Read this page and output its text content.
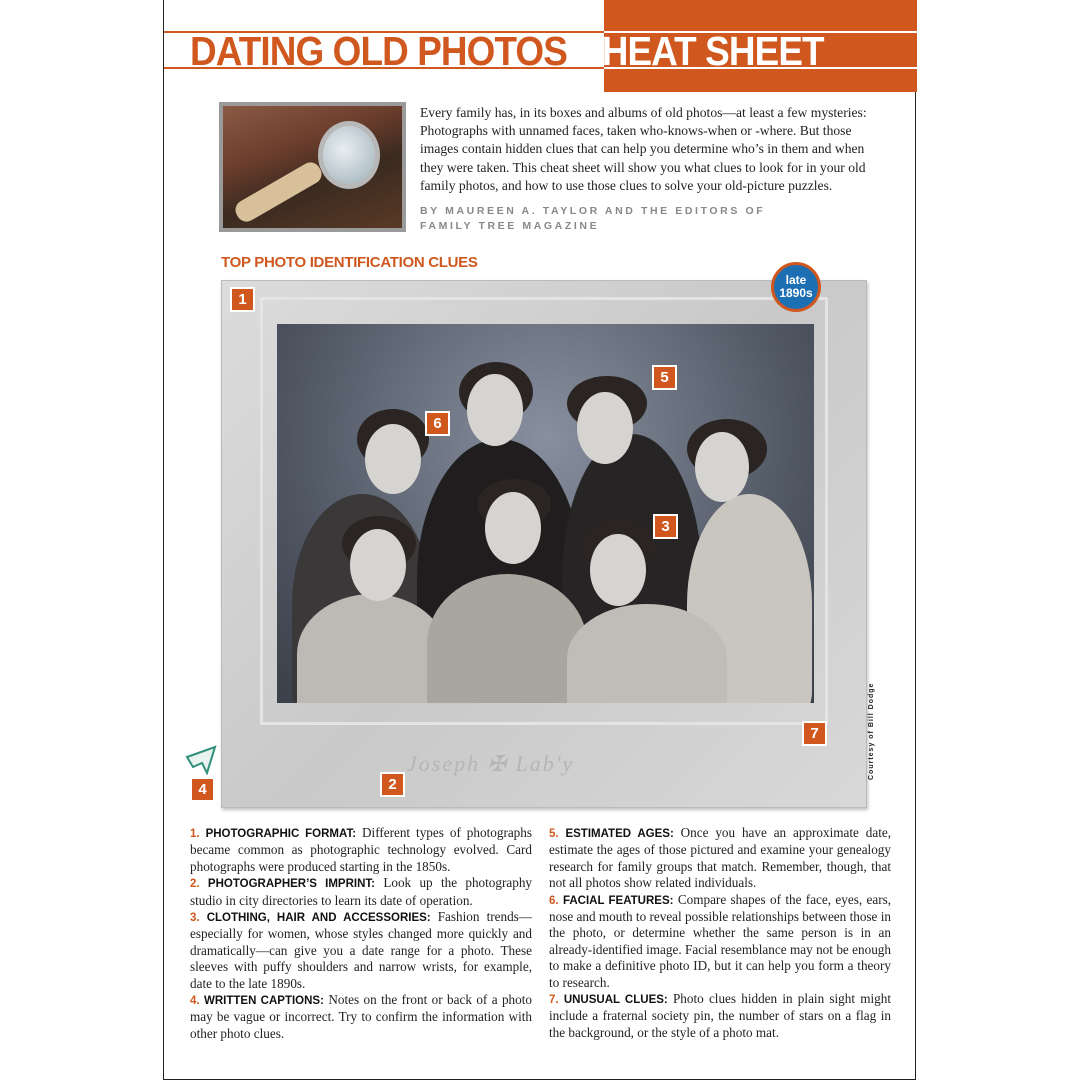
DATING OLD PHOTOS CHEAT SHEET
Every family has, in its boxes and albums of old photos—at least a few mysteries: Photographs with unnamed faces, taken who-knows-when or -where. But those images contain hidden clues that can help you determine who’s in them and when they were taken. This cheat sheet will show you what clues to look for in your old family photos, and how to use those clues to solve your old-picture puzzles.
BY MAUREEN A. TAYLOR AND THE EDITORS OF
FAMILY TREE MAGAZINE
TOP PHOTO IDENTIFICATION CLUES
Joseph ✠ Lab'y
1
2
3
4
5
6
7
late
1890s

1. PHOTOGRAPHIC FORMAT: Different types of photographs became common as photographic technology evolved. Card photographs were produced starting in the 1850s.

2. PHOTOGRAPHER’S IMPRINT: Look up the photography studio in city directories to learn its date of operation.

3. CLOTHING, HAIR AND ACCESSORIES: Fashion trends—especially for women, whose styles changed more quickly and dramatically—can give you a date range for a photo. These sleeves with puffy shoulders and narrow wrists, for example, date to the late 1890s.

4. WRITTEN CAPTIONS: Notes on the front or back of a photo may be vague or incorrect. Try to confirm the information with other photo clues.

5. ESTIMATED AGES: Once you have an approximate date, estimate the ages of those pictured and examine your genealogy research for family groups that match. Remember, though, that not all photos show related individuals.

6. FACIAL FEATURES: Compare shapes of the face, eyes, ears, nose and mouth to reveal possible relationships between those in the photo, or determine whether the same person is in an already-identified image. Facial resemblance may not be enough to make a definitive photo ID, but it can help you form a theory to research.

7. UNUSUAL CLUES: Photo clues hidden in plain sight might include a fraternal society pin, the number of stars on a flag in the background, or the style of a photo mat.

Courtesy of Bill Dodge
